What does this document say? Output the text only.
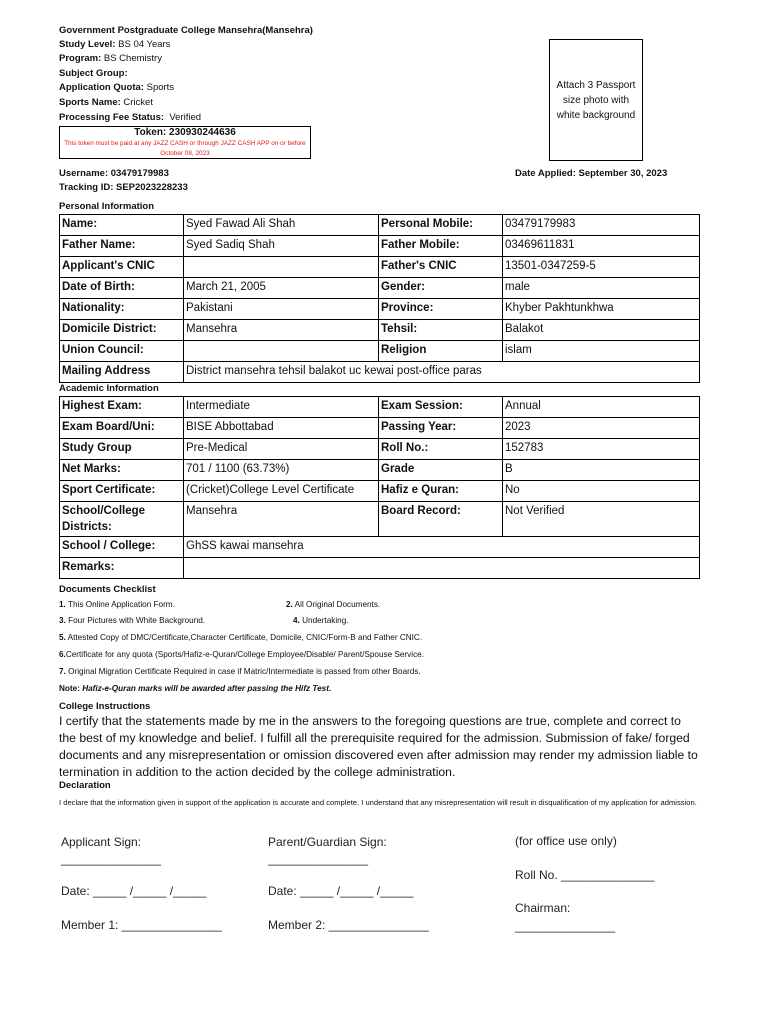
Government Postgraduate College Mansehra(Mansehra)
Study Level: BS 04 Years
Program: BS Chemistry
Subject Group:
Application Quota: Sports
Sports Name: Cricket
Processing Fee Status: Verified
Attach 3 Passport size photo with white background
Token: 230930244636
This token must be paid at any JAZZ CASH or through JAZZ CASH APP on or before October 08, 2023
Username: 03479179983
Tracking ID: SEP2023228233
Date Applied: September 30, 2023
Personal Information
Name:	Syed Fawad Ali Shah	Personal Mobile:	03479179983
Father Name:	Syed Sadiq Shah	Father Mobile:	03469611831
Applicant's CNIC		Father's CNIC	13501-0347259-5
Date of Birth:	March 21, 2005	Gender:	male
Nationality:	Pakistani	Province:	Khyber Pakhtunkhwa
Domicile District:	Mansehra	Tehsil:	Balakot
Union Council:		Religion	islam
Mailing Address	District mansehra tehsil balakot uc kewai post-office paras		
Academic Information
Highest Exam:	Intermediate	Exam Session:	Annual
Exam Board/Uni:	BISE Abbottabad	Passing Year:	2023
Study Group	Pre-Medical	Roll No.:	152783
Net Marks:	701 / 1100 (63.73%)	Grade	B
Sport Certificate:	(Cricket)College Level Certificate	Hafiz e Quran:	No
School/College Districts:	Mansehra	Board Record:	Not Verified
School / College:	GhSS kawai mansehra		
Remarks:			
Documents Checklist
1. This Online Application Form.	2. All Original Documents.
3. Four Pictures with White Background.	4. Undertaking.
5. Attested Copy of DMC/Certificate,Character Certificate, Domicile, CNIC/Form-B and Father CNIC.
6.Certificate for any quota (Sports/Hafiz-e-Quran/College Employee/Disable/ Parent/Spouse Service.
7. Original Migration Certificate Required in case if Matric/Intermediate is passed from other Boards.
Note: Hafiz-e-Quran marks will be awarded after passing the Hifz Test.
College Instructions
I certify that the statements made by me in the answers to the foregoing questions are true, complete and correct to the best of my knowledge and belief. I fulfill all the prerequisite required for the admission. Submission of fake/ forged documents and any misrepresentation or omission discovered even after admission may render my admission liable to termination in addition to the action decided by the college administration.
Declaration
I declare that the information given in support of the application is accurate and complete. I understand that any misrepresentation will result in disqualification of my application for admission.
Applicant Sign:
_______________
Parent/Guardian Sign:
_______________
(for office use only)
Date: _____ /_____ /_____	Date: _____ /_____ /_____
Roll No. ______________
Chairman:
_______________
Member 1: _______________	Member 2: _______________
